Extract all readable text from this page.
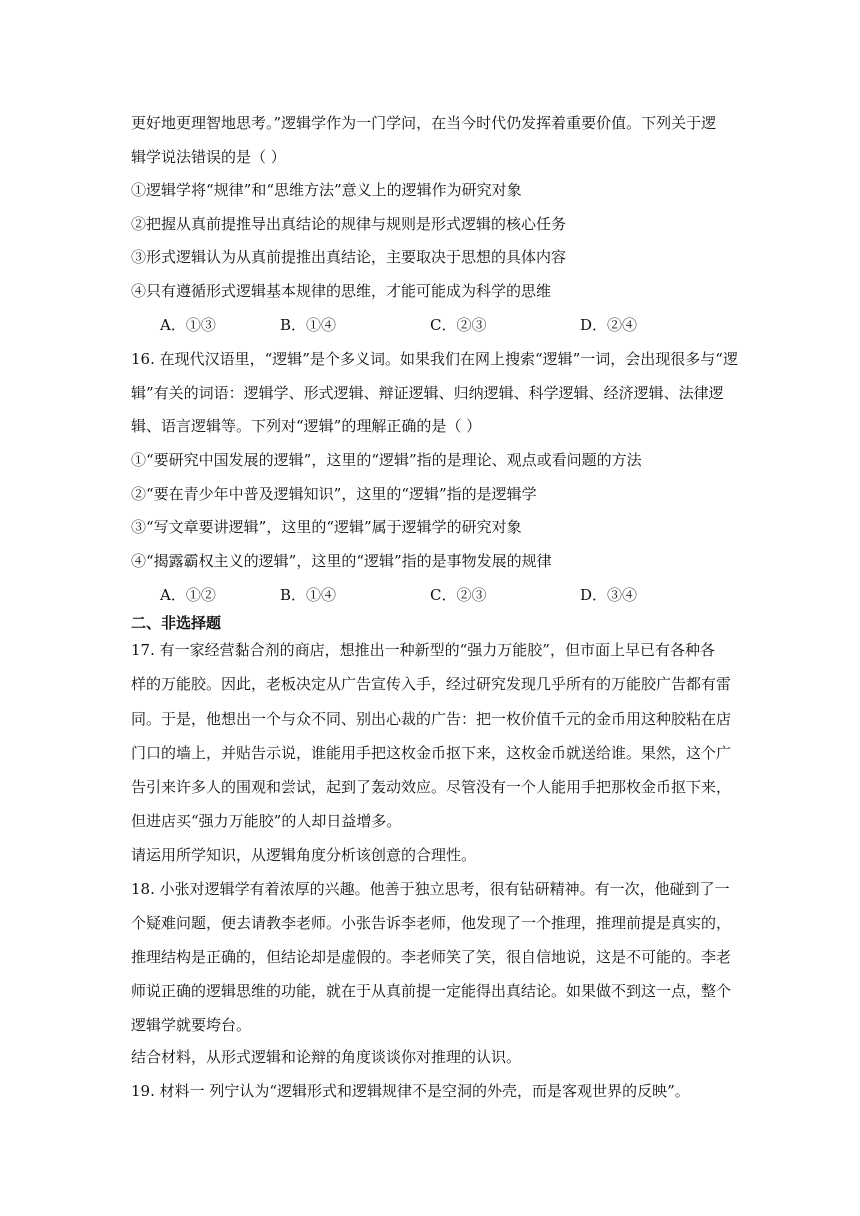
更好地更理智地思考。”逻辑学作为一门学问，在当今时代仍发挥着重要价值。下列关于逻
辑学说法错误的是（ ）
①逻辑学将“规律”和“思维方法”意义上的逻辑作为研究对象
②把握从真前提推导出真结论的规律与规则是形式逻辑的核心任务
③形式逻辑认为从真前提推出真结论，主要取决于思想的具体内容
④只有遵循形式逻辑基本规律的思维，才能可能成为科学的思维
A．①③	B．①④	C．②③	D．②④
16. 在现代汉语里，“逻辑”是个多义词。如果我们在网上搜索“逻辑”一词，会出现很多与“逻
辑”有关的词语：逻辑学、形式逻辑、辩证逻辑、归纳逻辑、科学逻辑、经济逻辑、法律逻
辑、语言逻辑等。下列对“逻辑”的理解正确的是（ ）
①“要研究中国发展的逻辑”，这里的“逻辑”指的是理论、观点或看问题的方法
②“要在青少年中普及逻辑知识”，这里的“逻辑”指的是逻辑学
③“写文章要讲逻辑”，这里的“逻辑”属于逻辑学的研究对象
④“揭露霸权主义的逻辑”，这里的“逻辑”指的是事物发展的规律
A．①②	B．①④	C．②③	D．③④
二、非选择题
17. 有一家经营黏合剂的商店，想推出一种新型的“强力万能胶”，但市面上早已有各种各
样的万能胶。因此，老板决定从广告宣传入手，经过研究发现几乎所有的万能胶广告都有雷
同。于是，他想出一个与众不同、别出心裁的广告：把一枚价值千元的金币用这种胶粘在店
门口的墙上，并贴告示说，谁能用手把这枚金币抠下来，这枚金币就送给谁。果然，这个广
告引来许多人的围观和尝试，起到了轰动效应。尽管没有一个人能用手把那枚金币抠下来，
但进店买“强力万能胶”的人却日益增多。
请运用所学知识，从逻辑角度分析该创意的合理性。
18. 小张对逻辑学有着浓厚的兴趣。他善于独立思考，很有钻研精神。有一次，他碰到了一
个疑难问题，便去请教李老师。小张告诉李老师，他发现了一个推理，推理前提是真实的，
推理结构是正确的，但结论却是虚假的。李老师笑了笑，很自信地说，这是不可能的。李老
师说正确的逻辑思维的功能，就在于从真前提一定能得出真结论。如果做不到这一点，整个
逻辑学就要垮台。
结合材料，从形式逻辑和论辩的角度谈谈你对推理的认识。
19. 材料一 列宁认为“逻辑形式和逻辑规律不是空洞的外壳，而是客观世界的反映”。
